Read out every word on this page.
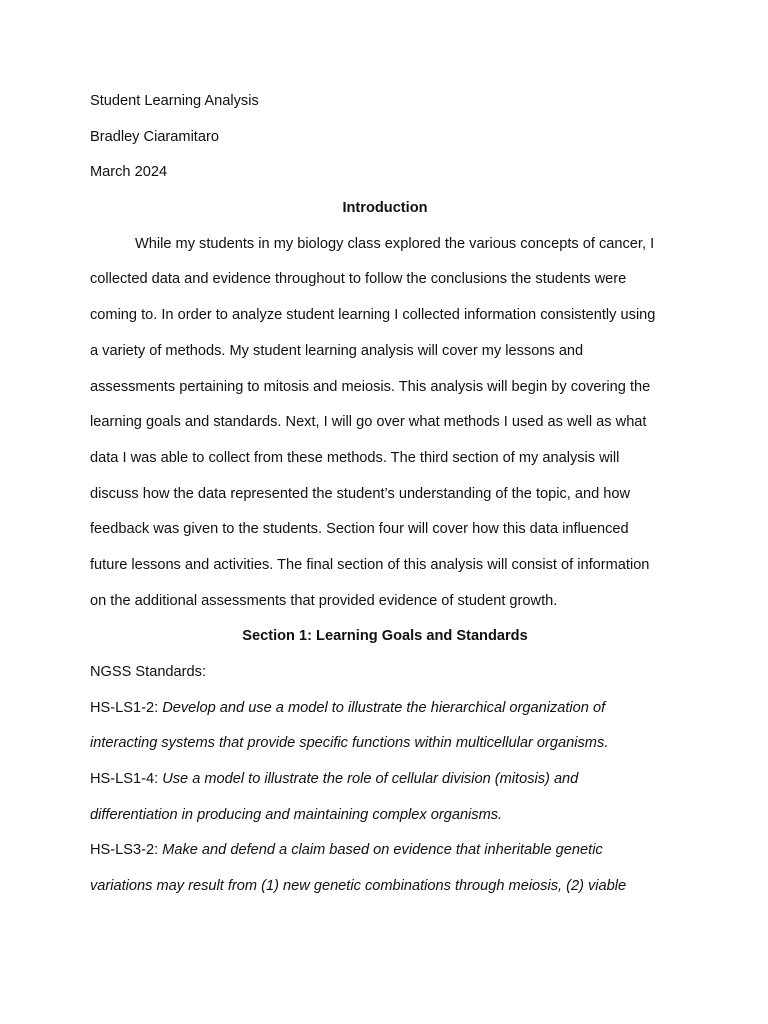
Student Learning Analysis

Bradley Ciaramitaro

March 2024

Introduction

While my students in my biology class explored the various concepts of cancer, I

collected data and evidence throughout to follow the conclusions the students were

coming to. In order to analyze student learning I collected information consistently using

a variety of methods. My student learning analysis will cover my lessons and

assessments pertaining to mitosis and meiosis. This analysis will begin by covering the

learning goals and standards. Next, I will go over what methods I used as well as what

data I was able to collect from these methods. The third section of my analysis will

discuss how the data represented the student’s understanding of the topic, and how

feedback was given to the students. Section four will cover how this data influenced

future lessons and activities. The final section of this analysis will consist of information

on the additional assessments that provided evidence of student growth.

Section 1: Learning Goals and Standards

NGSS Standards:

HS-LS1-2: Develop and use a model to illustrate the hierarchical organization of

interacting systems that provide specific functions within multicellular organisms.

HS-LS1-4: Use a model to illustrate the role of cellular division (mitosis) and

differentiation in producing and maintaining complex organisms.

HS-LS3-2: Make and defend a claim based on evidence that inheritable genetic

variations may result from (1) new genetic combinations through meiosis, (2) viable
